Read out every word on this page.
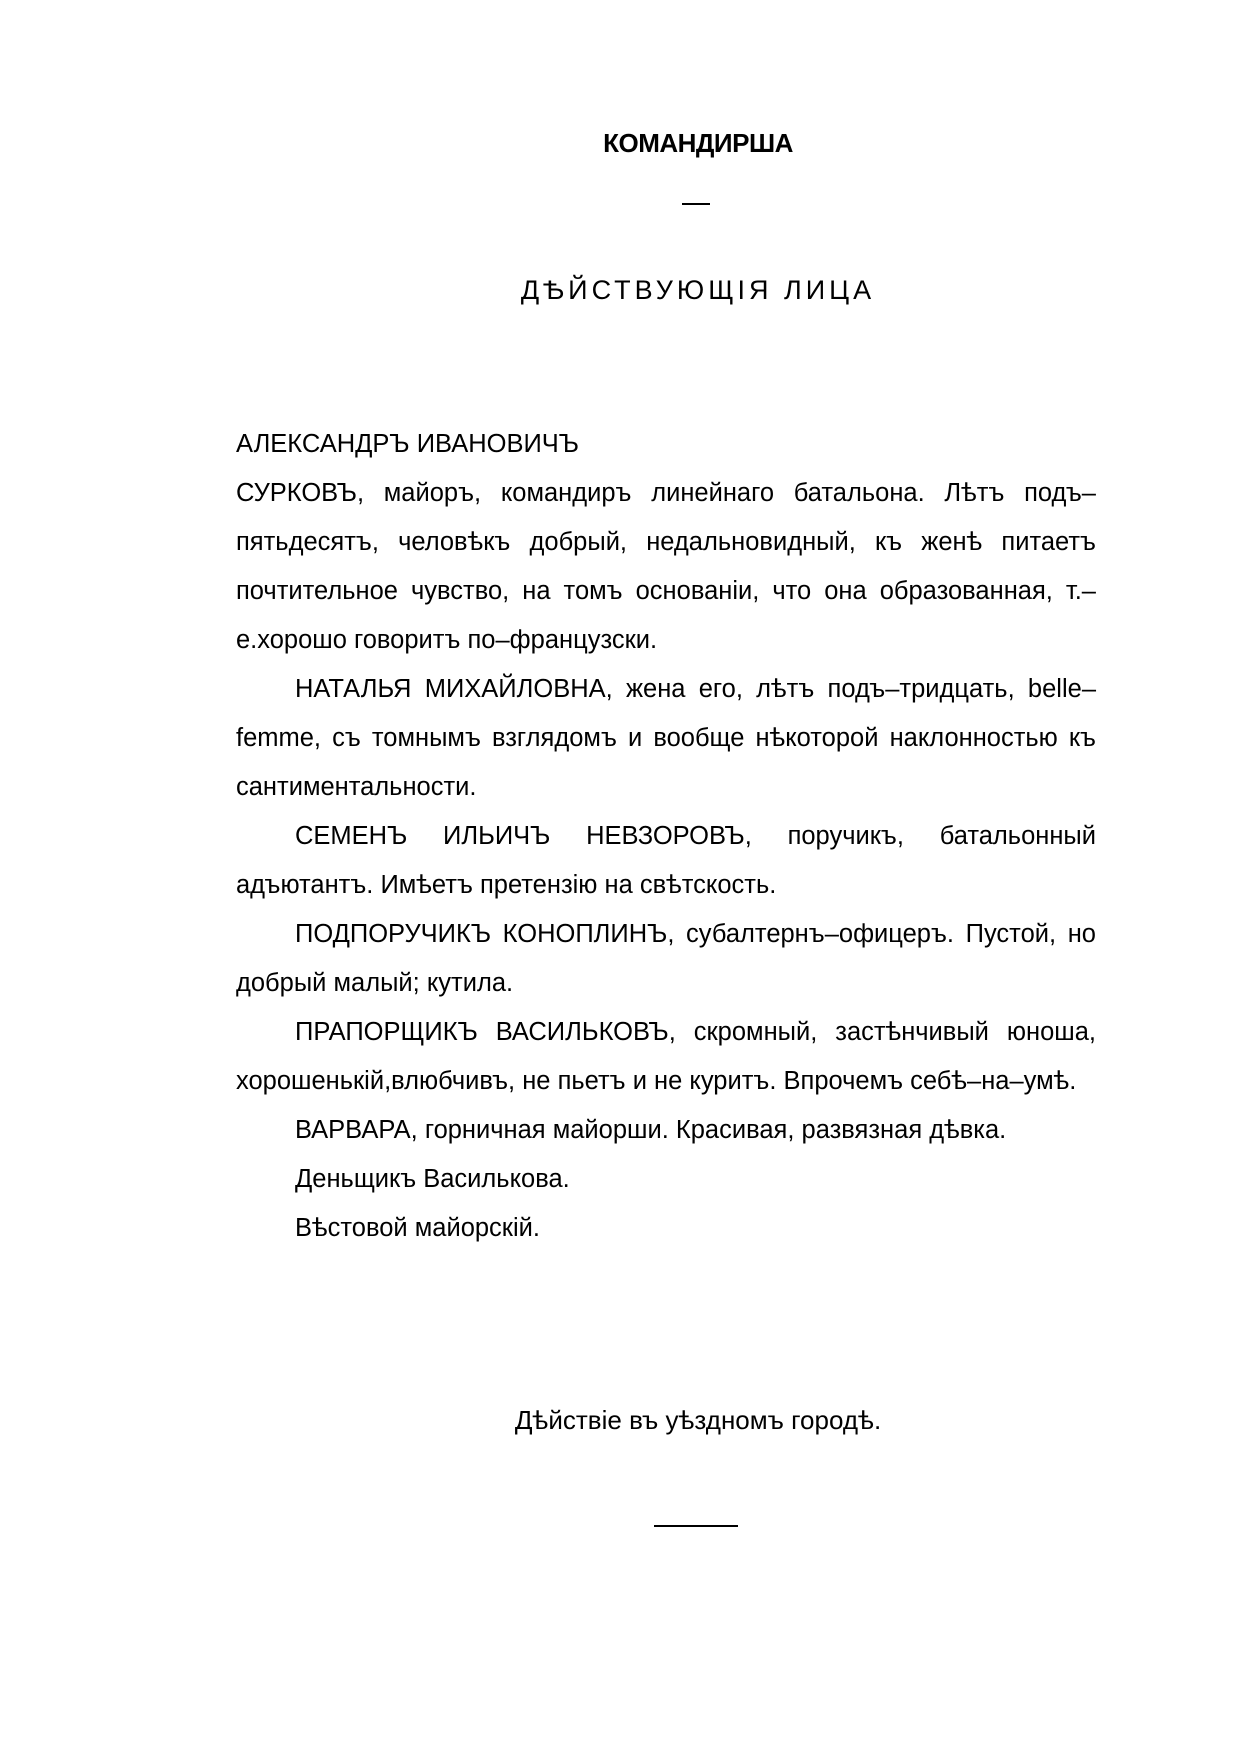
КОМАНДИРША
ДѢЙСТВУЮЩІЯ ЛИЦА

АЛЕКСАНДРЪ ИВАНОВИЧЪ

СУРКОВЪ, майоръ, командиръ линейнаго батальона. Лѣтъ подъ–пятьдесятъ, человѣкъ добрый, недальновидный, къ женѣ питаетъ почтительное чувство, на томъ основаніи, что она образованная, т.–е.хорошо говоритъ по–французски.

НАТАЛЬЯ МИХАЙЛОВНА, жена его, лѣтъ подъ–тридцать, belle–femme, съ томнымъ взглядомъ и вообще нѣкоторой наклонностью къ сантиментальности.

СЕМЕНЪ ИЛЬИЧЪ НЕВЗОРОВЪ, поручикъ, батальонный адъютантъ. Имѣетъ претензію на свѣтскость.

ПОДПОРУЧИКЪ КОНОПЛИНЪ, субалтернъ–офицеръ. Пустой, но добрый малый; кутила.

ПРАПОРЩИКЪ ВАСИЛЬКОВЪ, скромный, застѣнчивый юноша, хорошенькій,влюбчивъ, не пьетъ и не куритъ. Впрочемъ себѣ–на–умѣ.

ВАРВАРА, горничная майорши. Красивая, развязная дѣвка.

Деньщикъ Василькова.

Вѣстовой майорскій.

Дѣйствіе въ уѣздномъ городѣ.
